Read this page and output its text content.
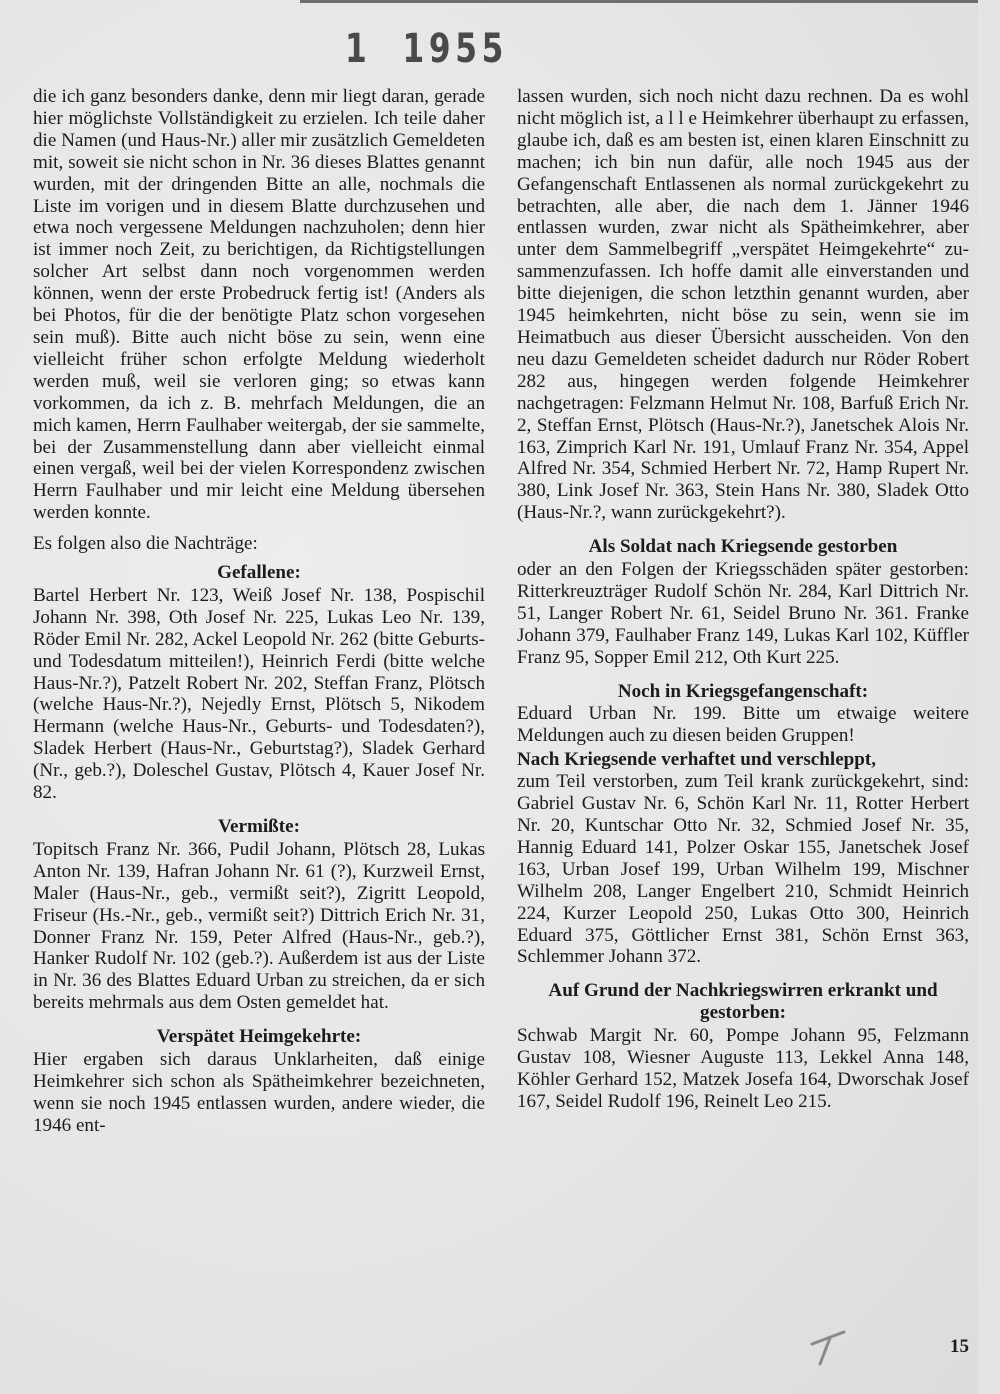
1  1955

die ich ganz besonders danke, denn mir liegt daran, gerade hier möglichste Vollständigkeit zu erzielen. Ich teile daher die Namen (und Haus-Nr.) aller mir zusätzlich Gemeldeten mit, soweit sie nicht schon in Nr. 36 dieses Blattes genannt wurden, mit der dringenden Bitte an alle, nochmals die Liste im vorigen und in diesem Blatte durchzusehen und etwa noch vergessene Meldungen nachzuholen; denn hier ist immer noch Zeit, zu berichtigen, da Richtigstellungen solcher Art selbst dann noch vorgenommen werden können, wenn der erste Probedruck fertig ist! (Anders als bei Photos, für die der benötigte Platz schon vorgesehen sein muß). Bitte auch nicht böse zu sein, wenn eine vielleicht früher schon erfolgte Meldung wiederholt werden muß, weil sie verloren ging; so etwas kann vorkommen, da ich z. B. mehrfach Meldungen, die an mich kamen, Herrn Faulhaber weitergab, der sie sammelte, bei der Zusammenstellung dann aber vielleicht einmal einen vergaß, weil bei der vielen Korrespondenz zwischen Herrn Faulhaber und mir leicht eine Meldung übersehen werden konnte.

Es folgen also die Nachträge:

Gefallene:

Bartel Herbert Nr. 123, Weiß Josef Nr. 138, Pospischil Johann Nr. 398, Oth Josef Nr. 225, Lukas Leo Nr. 139, Röder Emil Nr. 282, Ackel Leopold Nr. 262 (bitte Geburts- und Todesdatum mitteilen!), Heinrich Ferdi (bitte welche Haus-Nr.?), Patzelt Robert Nr. 202, Steffan Franz, Plötsch (welche Haus-Nr.?), Nejedly Ernst, Plötsch 5, Nikodem Hermann (welche Haus-Nr., Geburts- und Todesdaten?), Sladek Herbert (Haus-Nr., Geburtstag?), Sladek Gerhard (Nr., geb.?), Doleschel Gustav, Plötsch 4, Kauer Josef Nr. 82.

Vermißte:

Topitsch Franz Nr. 366, Pudil Johann, Plötsch 28, Lukas Anton Nr. 139, Hafran Johann Nr. 61 (?), Kurzweil Ernst, Maler (Haus-Nr., geb., vermißt seit?), Zigritt Leopold, Friseur (Hs.-Nr., geb., vermißt seit?) Dittrich Erich Nr. 31, Donner Franz Nr. 159, Peter Alfred (Haus-Nr., geb.?), Hanker Rudolf Nr. 102 (geb.?). Außerdem ist aus der Liste in Nr. 36 des Blattes Eduard Urban zu streichen, da er sich bereits mehrmals aus dem Osten gemeldet hat.

Verspätet Heimgekehrte:

Hier ergaben sich daraus Unklarheiten, daß einige Heimkehrer sich schon als Spätheimkehrer bezeichneten, wenn sie noch 1945 entlassen wurden, andere wieder, die 1946 ent-

lassen wurden, sich noch nicht dazu rechnen. Da es wohl nicht möglich ist, a l l e Heimkehrer überhaupt zu erfassen, glaube ich, daß es am besten ist, einen klaren Einschnitt zu machen; ich bin nun dafür, alle noch 1945 aus der Gefangenschaft Entlassenen als normal zurückgekehrt zu betrachten, alle aber, die nach dem 1. Jänner 1946 entlassen wurden, zwar nicht als Spätheimkehrer, aber unter dem Sammelbegriff „verspätet Heimgekehrte“ zusammenzufassen. Ich hoffe damit alle einverstanden und bitte diejenigen, die schon letzthin genannt wurden, aber 1945 heimkehrten, nicht böse zu sein, wenn sie im Heimatbuch aus dieser Übersicht ausscheiden. Von den neu dazu Gemeldeten scheidet dadurch nur Röder Robert 282 aus, hingegen werden folgende Heimkehrer nachgetragen: Felzmann Helmut Nr. 108, Barfuß Erich Nr. 2, Steffan Ernst, Plötsch (Haus-Nr.?), Janetschek Alois Nr. 163, Zimprich Karl Nr. 191, Umlauf Franz Nr. 354, Appel Alfred Nr. 354, Schmied Herbert Nr. 72, Hamp Rupert Nr. 380, Link Josef Nr. 363, Stein Hans Nr. 380, Sladek Otto (Haus-Nr.?, wann zurückgekehrt?).

Als Soldat nach Kriegsende gestorben

oder an den Folgen der Kriegsschäden später gestorben: Ritterkreuzträger Rudolf Schön Nr. 284, Karl Dittrich Nr. 51, Langer Robert Nr. 61, Seidel Bruno Nr. 361. Franke Johann 379, Faulhaber Franz 149, Lukas Karl 102, Küffler Franz 95, Sopper Emil 212, Oth Kurt 225.

Noch in Kriegsgefangenschaft:

Eduard Urban Nr. 199. Bitte um etwaige weitere Meldungen auch zu diesen beiden Gruppen!

Nach Kriegsende verhaftet und verschleppt,

zum Teil verstorben, zum Teil krank zurückgekehrt, sind: Gabriel Gustav Nr. 6, Schön Karl Nr. 11, Rotter Herbert Nr. 20, Kuntschar Otto Nr. 32, Schmied Josef Nr. 35, Hannig Eduard 141, Polzer Oskar 155, Janetschek Josef 163, Urban Josef 199, Urban Wilhelm 199, Mischner Wilhelm 208, Langer Engelbert 210, Schmidt Heinrich 224, Kurzer Leopold 250, Lukas Otto 300, Heinrich Eduard 375, Göttlicher Ernst 381, Schön Ernst 363, Schlemmer Johann 372.

Auf Grund der Nachkriegswirren erkrankt und gestorben:

Schwab Margit Nr. 60, Pompe Johann 95, Felzmann Gustav 108, Wiesner Auguste 113, Lekkel Anna 148, Köhler Gerhard 152, Matzek Josefa 164, Dworschak Josef 167, Seidel Rudolf 196, Reinelt Leo 215.

15
